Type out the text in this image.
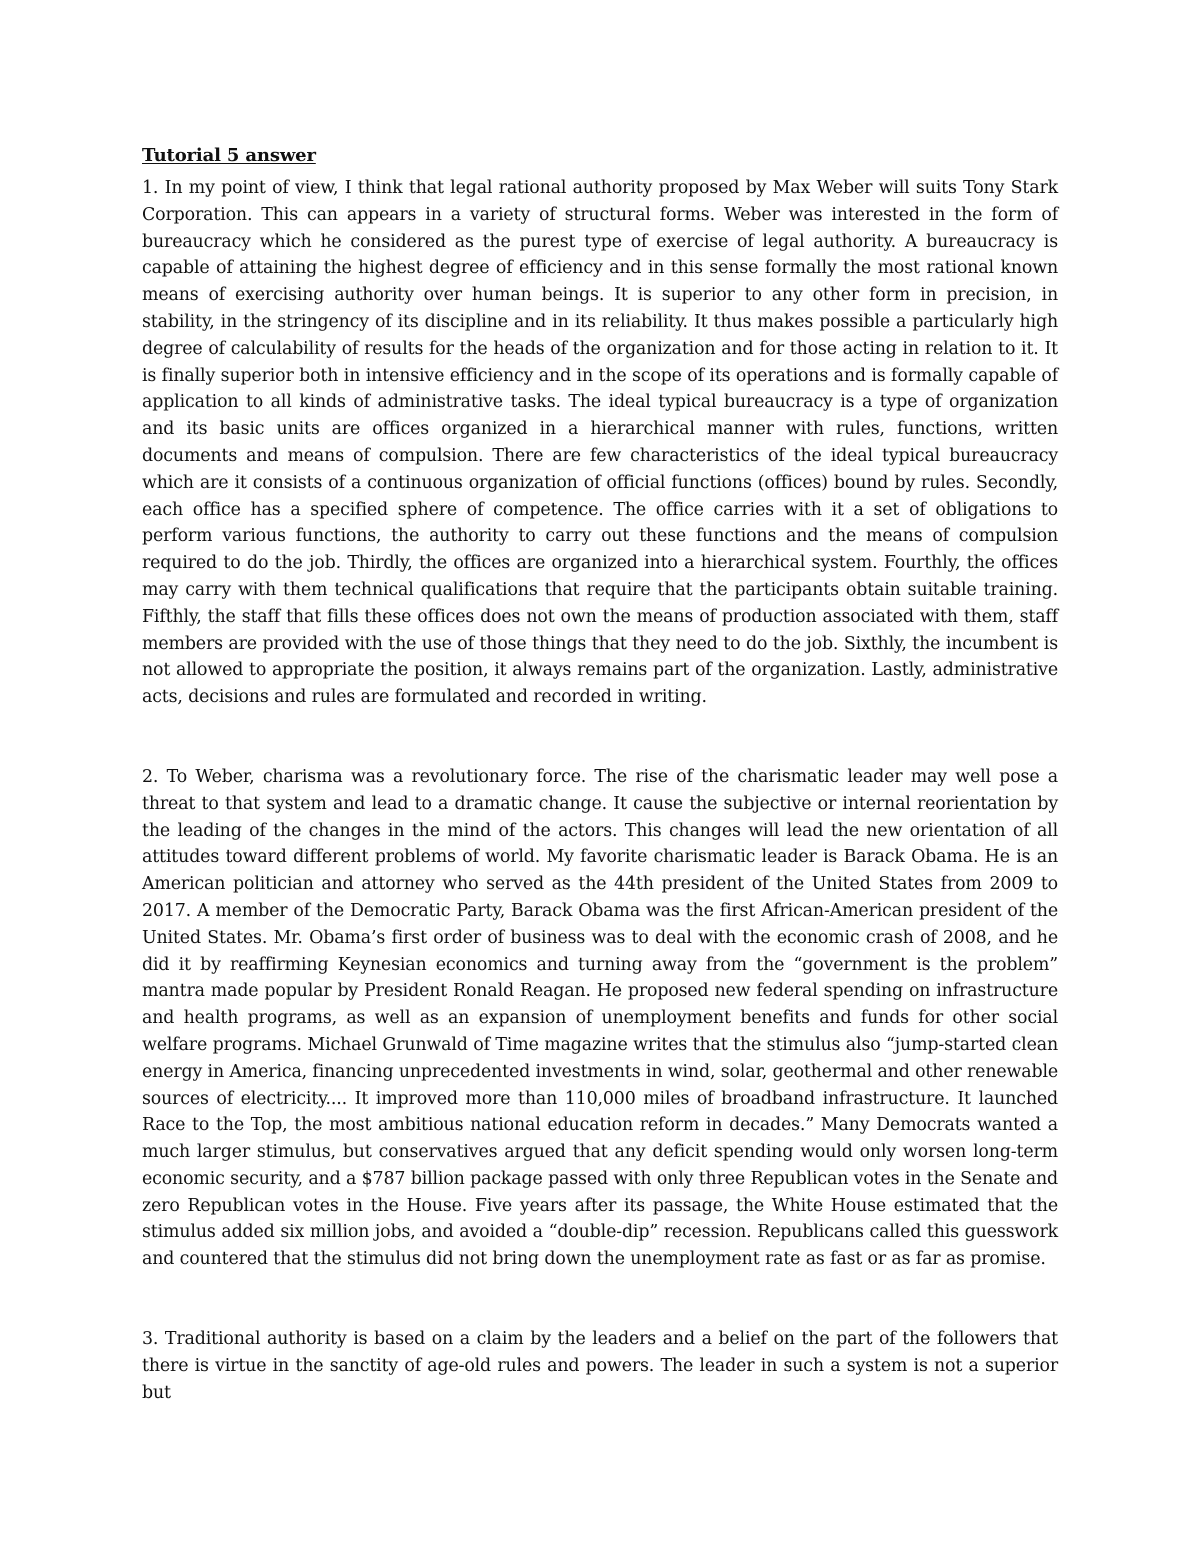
Tutorial 5 answer

1. In my point of view, I think that legal rational authority proposed by Max Weber will suits Tony Stark Corporation. This can appears in a variety of structural forms. Weber was interested in the form of bureaucracy which he considered as the purest type of exercise of legal authority. A bureaucracy is capable of attaining the highest degree of efficiency and in this sense formally the most rational known means of exercising authority over human beings. It is superior to any other form in precision, in stability, in the stringency of its discipline and in its reliability. It thus makes possible a particularly high degree of calculability of results for the heads of the organization and for those acting in relation to it. It is finally superior both in intensive efficiency and in the scope of its operations and is formally capable of application to all kinds of administrative tasks. The ideal typical bureaucracy is a type of organization and its basic units are offices organized in a hierarchical manner with rules, functions, written documents and means of compulsion. There are few characteristics of the ideal typical bureaucracy which are it consists of a continuous organization of official functions (offices) bound by rules. Secondly, each office has a specified sphere of competence. The office carries with it a set of obligations to perform various functions, the authority to carry out these functions and the means of compulsion required to do the job. Thirdly, the offices are organized into a hierarchical system. Fourthly, the offices may carry with them technical qualifications that require that the participants obtain suitable training. Fifthly, the staff that fills these offices does not own the means of production associated with them, staff members are provided with the use of those things that they need to do the job. Sixthly, the incumbent is not allowed to appropriate the position, it always remains part of the organization. Lastly, administrative acts, decisions and rules are formulated and recorded in writing.

2. To Weber, charisma was a revolutionary force. The rise of the charismatic leader may well pose a threat to that system and lead to a dramatic change. It cause the subjective or internal reorientation by the leading of the changes in the mind of the actors. This changes will lead the new orientation of all attitudes toward different problems of world. My favorite charismatic leader is Barack Obama. He is an American politician and attorney who served as the 44th president of the United States from 2009 to 2017. A member of the Democratic Party, Barack Obama was the first African-American president of the United States. Mr. Obama’s first order of business was to deal with the economic crash of 2008, and he did it by reaffirming Keynesian economics and turning away from the “government is the problem” mantra made popular by President Ronald Reagan. He proposed new federal spending on infrastructure and health programs, as well as an expansion of unemployment benefits and funds for other social welfare programs. Michael Grunwald of Time magazine writes that the stimulus also “jump-started clean energy in America, financing unprecedented investments in wind, solar, geothermal and other renewable sources of electricity.... It improved more than 110,000 miles of broadband infrastructure. It launched Race to the Top, the most ambitious national education reform in decades.” Many Democrats wanted a much larger stimulus, but conservatives argued that any deficit spending would only worsen long-term economic security, and a $787 billion package passed with only three Republican votes in the Senate and zero Republican votes in the House. Five years after its passage, the White House estimated that the stimulus added six million jobs, and avoided a “double-dip” recession. Republicans called this guesswork and countered that the stimulus did not bring down the unemployment rate as fast or as far as promise.

3. Traditional authority is based on a claim by the leaders and a belief on the part of the followers that there is virtue in the sanctity of age-old rules and powers. The leader in such a system is not a superior but
